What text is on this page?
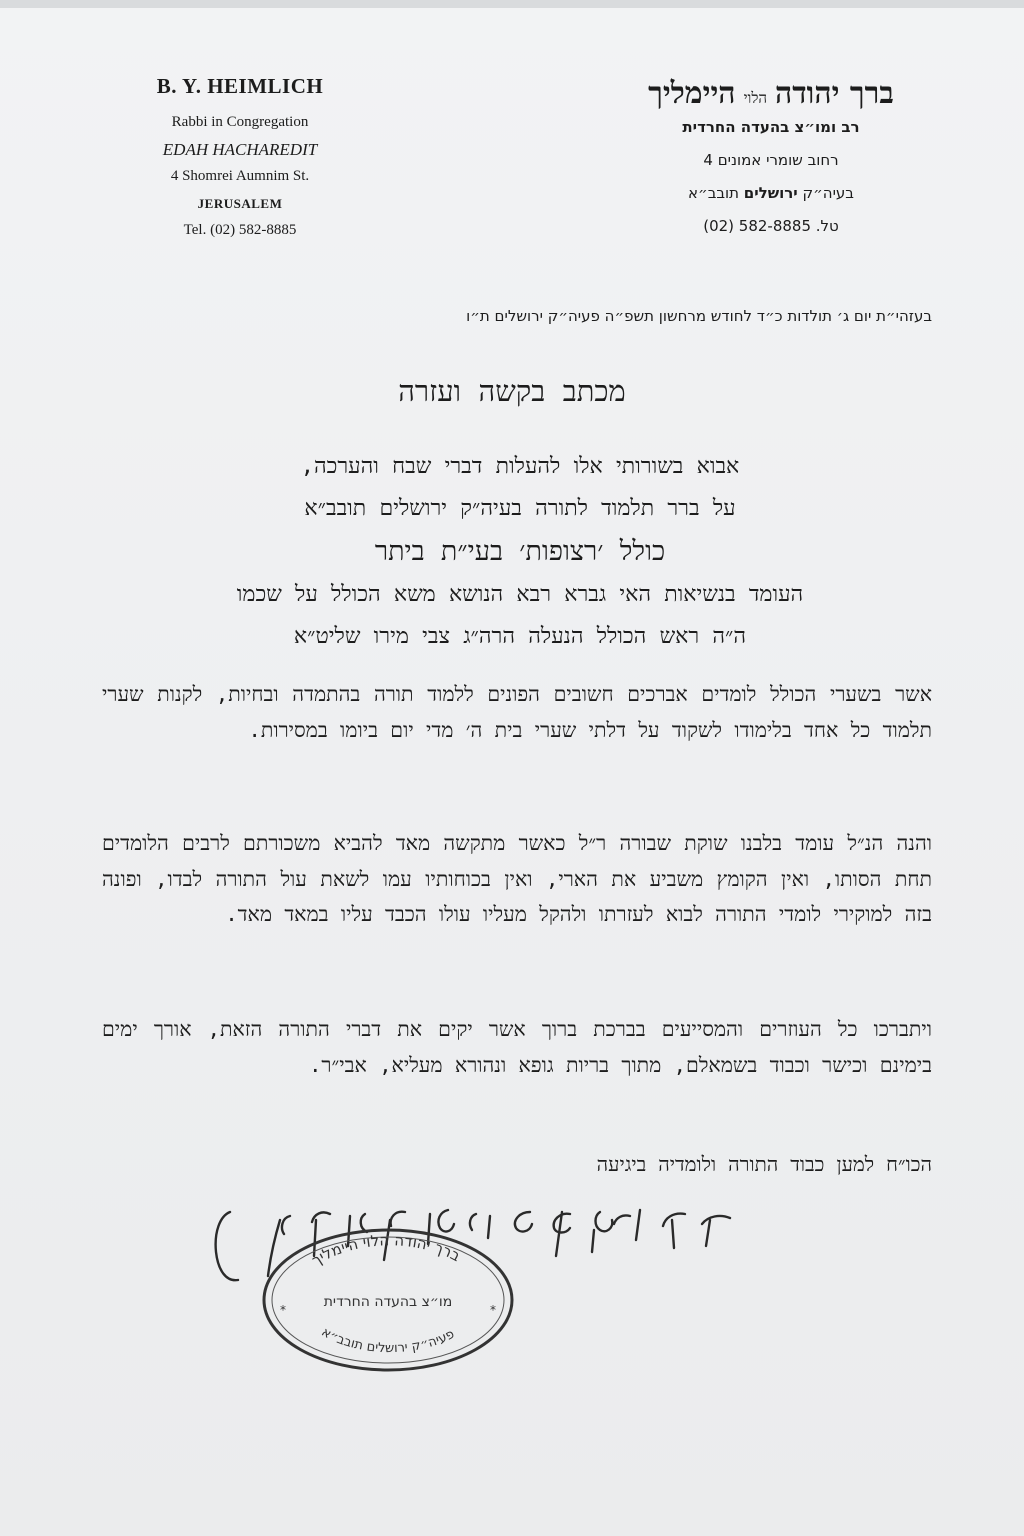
B. Y. HEIMLICH
Rabbi in Congregation
EDAH HACHAREDIT
4 Shomrei Aumnim St.
JERUSALEM
Tel. (02) 582-8885
ברך יהודה
הלוי
היימליך
רב ומו״צ בהעדה החרדית
רחוב שומרי אמונים 4
בעיה״ק ירושלים תובב״א
טל. 582-8885 (02)
בעזהי״ת יום ג׳ תולדות כ״ד לחודש מרחשון תשפ״ה פעיה״ק ירושלים ת״ו
מכתב בקשה ועזרה
אבוא בשורותי אלו להעלות דברי שבח והערכה,
על ברר תלמוד לתורה בעיה״ק ירושלים תובב״א
כולל ׳רצופות׳ בעי״ת ביתר
העומד בנשיאות האי גברא רבא הנושא משא הכולל על שכמו
ה״ה ראש הכולל הנעלה הרה״ג צבי מירו שליט״א
אשר בשערי הכולל לומדים אברכים חשובים הפונים ללמוד תורה בהתמדה ובחיות, לקנות שערי תלמוד כל אחד בלימודו לשקוד על דלתי שערי בית ה׳ מדי יום ביומו במסירות.
והנה הנ״ל עומד בלבנו שוקת שבורה ר״ל כאשר מתקשה מאד להביא משכורתם לרבים הלומדים תחת הסותו, ואין הקומץ משביע את הארי, ואין בכוחותיו עמו לשאת עול התורה לבדו, ופונה בזה למוקירי לומדי התורה לבוא לעזרתו ולהקל מעליו עולו הכבד עליו במאד מאד.
ויתברכו כל העוזרים והמסייעים בברכת ברוך אשר יקים את דברי התורה הזאת, אורך ימים בימינם וכישר וכבוד בשמאלם, מתוך בריות גופא ונהורא מעליא, אבי״ר.
הכו״ח למען כבוד התורה ולומדיה ביגיעה
ברך יהודה הלוי היימליך
מו״צ בהעדה החרדית
פעיה״ק ירושלים תובב״א
*	*
